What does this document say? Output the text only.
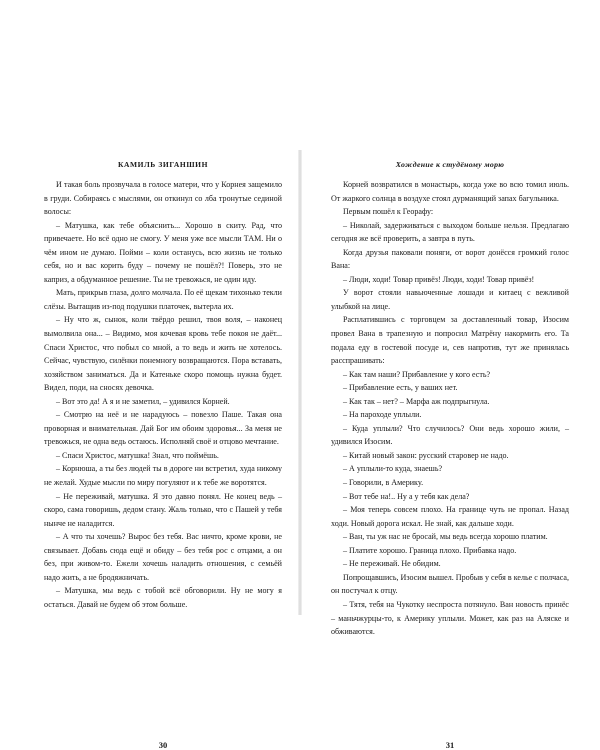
КАМИЛЬ ЗИГАНШИН

И такая боль прозвучала в голосе матери, что у Корнея защемило в груди. Собираясь с мыслями, он откинул со лба тронутые сединой волосы:

– Матушка, как тебе объяснить... Хорошо в скиту. Рад, что привечаете. Но всё одно не смогу. У меня уже все мысли ТАМ. Ни о чём ином не думаю. Пойми – коли останусь, всю жизнь не только себя, но и вас корить буду – почему не пошёл?! Поверь, это не каприз, а обдуманное решение. Ты не тревожься, не один иду.

Мать, прикрыв глаза, долго молчала. По её щекам тихонько текли слёзы. Вытащив из-под подушки платочек, вытерла их.

– Ну что ж, сынок, коли твёрдо решил, твоя воля, – наконец вымолвила она... – Видимо, моя кочевая кровь тебе покоя не даёт... Спаси Христос, что побыл со мной, а то ведь и жить не хотелось. Сейчас, чувствую, силёнки понемногу возвращаются. Пора вставать, хозяйством заниматься. Да и Катеньке скоро помощь нужна будет. Видел, поди, на сносях девочка.

– Вот это да! А я и не заметил, – удивился Корней.

– Смотрю на неё и не нарадуюсь – повезло Паше. Такая она проворная и внимательная. Дай Бог им обоим здоровья... За меня не тревожься, не одна ведь остаюсь. Исполняй своё и отцово мечтание.

– Спаси Христос, матушка! Знал, что поймёшь.

– Корнюша, а ты без людей ты в дороге ни встретил, худа никому не желай. Худые мысли по миру погуляют и к тебе же воротятся.

– Не переживай, матушка. Я это давно понял. Не конец ведь – скоро, сама говоришь, дедом стану. Жаль только, что с Пашей у тебя нынче не наладится.

– А что ты хочешь? Вырос без тебя. Вас ничто, кроме крови, не связывает. Добавь сюда ещё и обиду – без тебя рос с отцами, а он без, при живом-то. Ежели хочешь наладить отношения, с семьёй надо жить, а не бродяжничать.

– Матушка, мы ведь с тобой всё обговорили. Ну не могу я остаться. Давай не будем об этом больше.

30
Хождение к студёному морю

Корней возвратился в монастырь, когда уже во всю томил июль. От жаркого солнца в воздухе стоял дурманящий запах багульника.

Первым пошёл к Георафу:

– Николай, задерживаться с выходом больше нельзя. Предлагаю сегодня же всё проверить, а завтра в путь.

Когда друзья паковали поняги, от ворот донёсся громкий голос Вана:

– Люди, ходи! Товар привёз! Люди, ходи! Товар привёз!

У ворот стояли навьюченные лошади и китаец с вежливой улыбкой на лице.

Расплатившись с торговцем за доставленный товар, Изосим провел Вана в трапезную и попросил Матрёну накормить его. Та подала еду в гостевой посуде и, сев напротив, тут же принялась расспрашивать:

– Как там наши? Прибавление у кого есть?

– Прибавление есть, у ваших нет.

– Как так – нет? – Марфа аж подпрыгнула.

– На пароходе уплыли.

– Куда уплыли? Что случилось? Они ведь хорошо жили, – удивился Изосим.

– Китай новый закон: русский старовер не надо.

– А уплыли-то куда, знаешь?

– Говорили, в Америку.

– Вот тебе на!.. Ну а у тебя как дела?

– Моя теперь совсем плохо. На границе чуть не пропал. Назад ходи. Новый дорога искал. Не знай, как дальше ходи.

– Ван, ты уж нас не бросай, мы ведь всегда хорошо платим.

– Платите хорошо. Граница плохо. Прибавка надо.

– Не переживай. Не обидим.

Попрощавшись, Изосим вышел. Пробыв у себя в келье с полчаса, он постучал к отцу.

– Тятя, тебя на Чукотку неспроста потянуло. Ван новость принёс – маньчжурцы-то, к Америку уплыли. Может, как раз на Аляске и обживаются.

31
